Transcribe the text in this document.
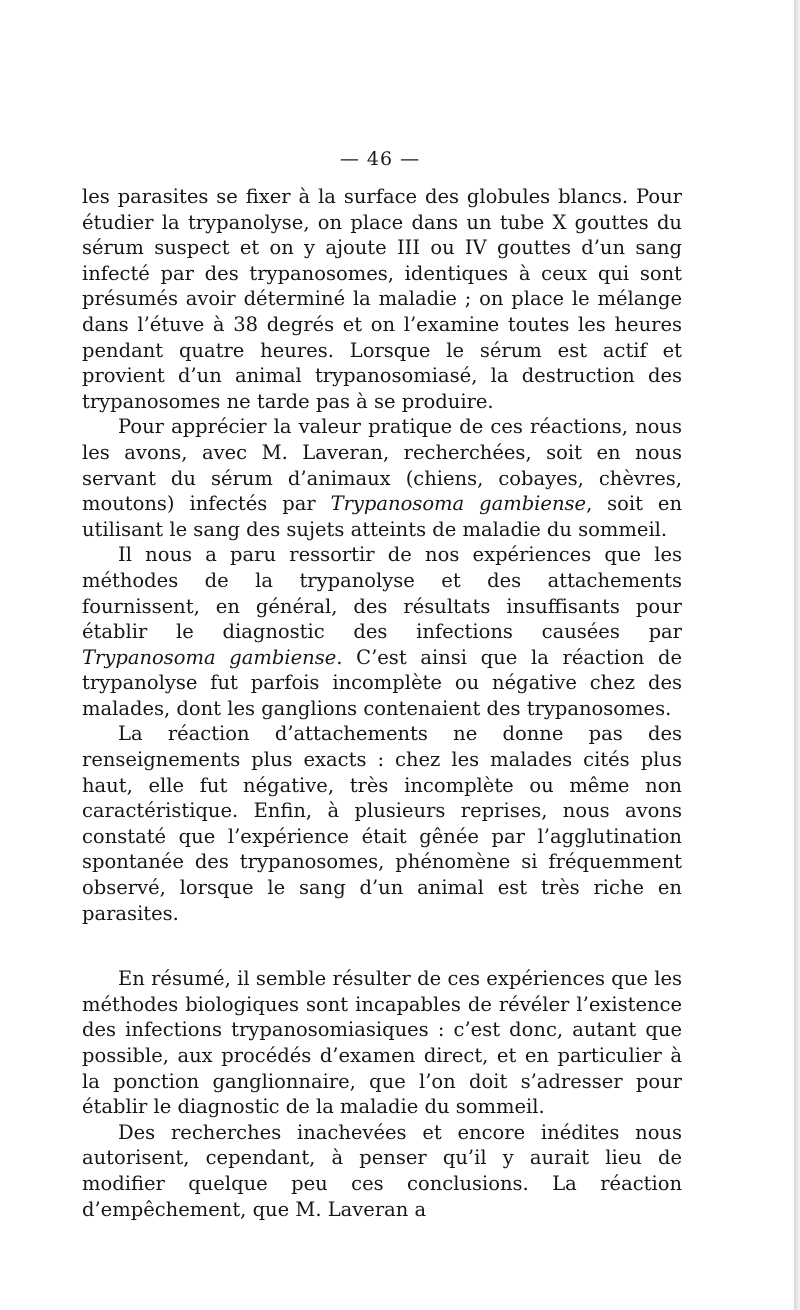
— 46 —

les parasites se fixer à la surface des globules blancs. Pour étudier la trypanolyse, on place dans un tube X gouttes du sérum suspect et on y ajoute III ou IV gouttes d’un sang infecté par des trypanosomes, identiques à ceux qui sont présumés avoir déterminé la maladie ; on place le mélange dans l’étuve à 38 degrés et on l’examine toutes les heures pendant quatre heures. Lorsque le sérum est actif et provient d’un animal trypanosomiasé, la destruction des trypanosomes ne tarde pas à se produire.

Pour apprécier la valeur pratique de ces réactions, nous les avons, avec M. Laveran, recherchées, soit en nous servant du sérum d’animaux (chiens, cobayes, chèvres, moutons) infectés par Trypanosoma gambiense, soit en utilisant le sang des sujets atteints de maladie du sommeil.

Il nous a paru ressortir de nos expériences que les méthodes de la trypanolyse et des attachements fournissent, en général, des résultats insuffisants pour établir le diagnostic des infections causées par Trypanosoma gambiense. C’est ainsi que la réaction de trypanolyse fut parfois incomplète ou négative chez des malades, dont les ganglions contenaient des trypanosomes.

La réaction d’attachements ne donne pas des renseignements plus exacts : chez les malades cités plus haut, elle fut négative, très incomplète ou même non caractéristique. Enfin, à plusieurs reprises, nous avons constaté que l’expérience était gênée par l’agglutination spontanée des trypanosomes, phénomène si fréquemment observé, lorsque le sang d’un animal est très riche en parasites.

En résumé, il semble résulter de ces expériences que les méthodes biologiques sont incapables de révéler l’existence des infections trypanosomiasiques : c’est donc, autant que possible, aux procédés d’examen direct, et en particulier à la ponction ganglionnaire, que l’on doit s’adresser pour établir le diagnostic de la maladie du sommeil.

Des recherches inachevées et encore inédites nous autorisent, cependant, à penser qu’il y aurait lieu de modifier quelque peu ces conclusions. La réaction d’empêchement, que M. Laveran a
